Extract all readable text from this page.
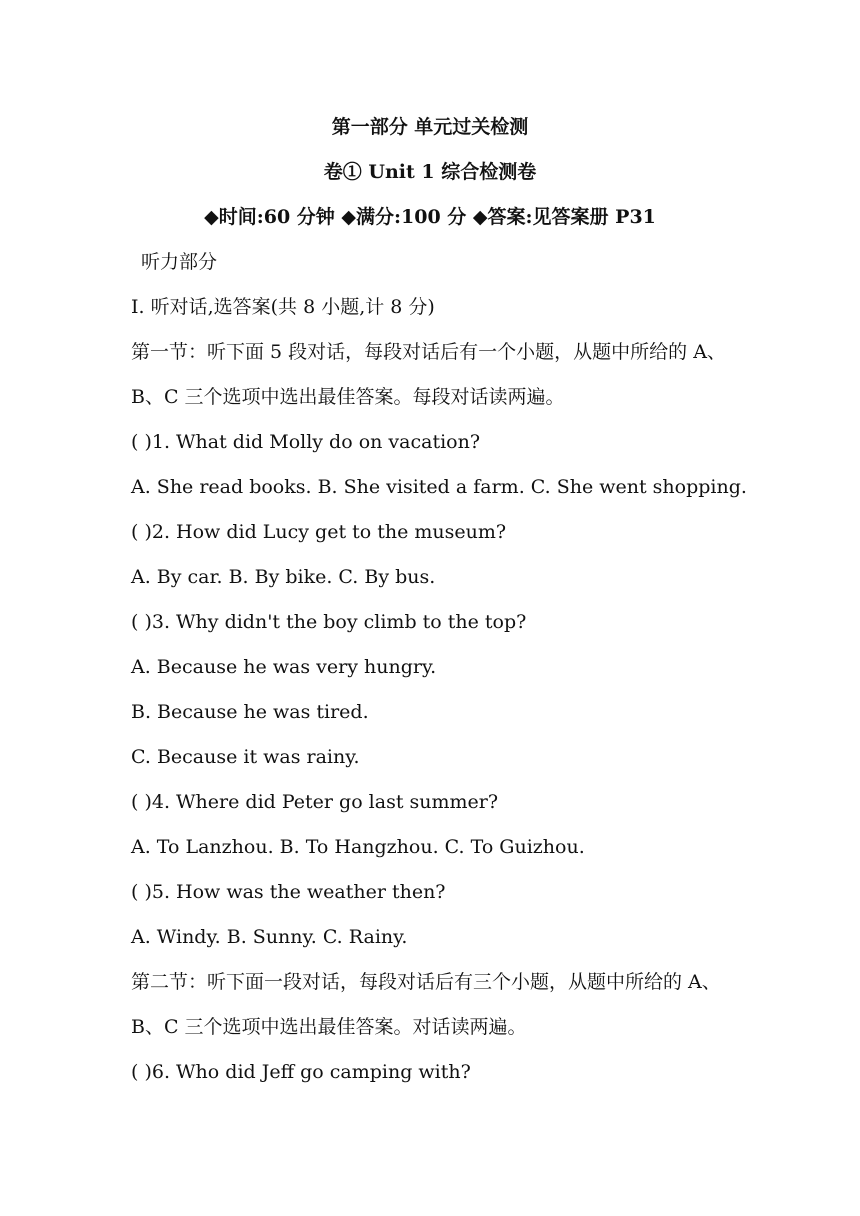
第一部分 单元过关检测
卷① Unit 1 综合检测卷
◆时间:60 分钟 ◆满分:100 分 ◆答案:见答案册 P31
听力部分
Ⅰ. 听对话,选答案(共 8 小题,计 8 分)
第一节：听下面 5 段对话，每段对话后有一个小题，从题中所给的 A、
B、C 三个选项中选出最佳答案。每段对话读两遍。
( )1. What did Molly do on vacation?
A. She read books. B. She visited a farm. C. She went shopping.
( )2. How did Lucy get to the museum?
A. By car. B. By bike. C. By bus.
( )3. Why didn't the boy climb to the top?
A. Because he was very hungry.
B. Because he was tired.
C. Because it was rainy.
( )4. Where did Peter go last summer?
A. To Lanzhou. B. To Hangzhou. C. To Guizhou.
( )5. How was the weather then?
A. Windy. B. Sunny. C. Rainy.
第二节：听下面一段对话，每段对话后有三个小题，从题中所给的 A、
B、C 三个选项中选出最佳答案。对话读两遍。
( )6. Who did Jeff go camping with?
